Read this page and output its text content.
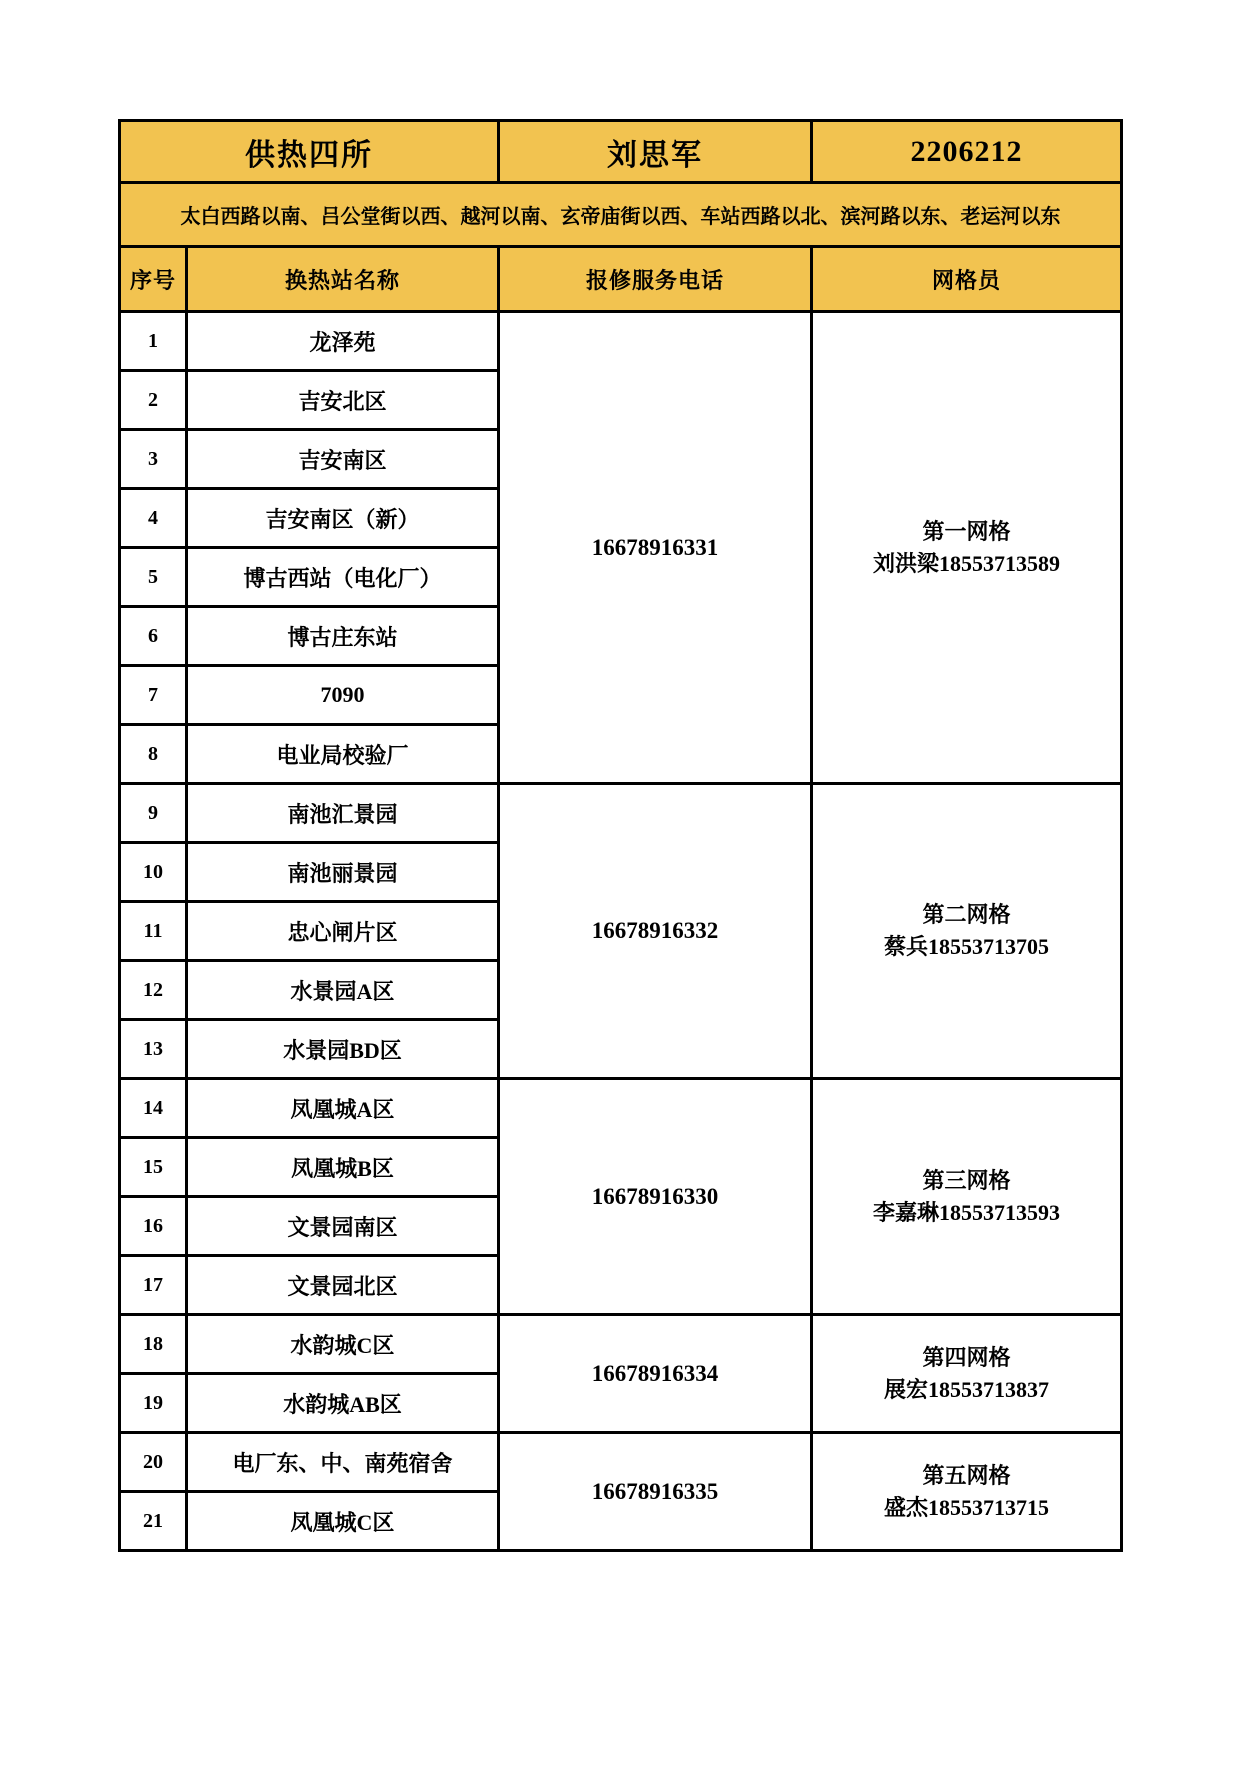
供热四所		刘思军	2206212
太白西路以南、吕公堂街以西、越河以南、玄帝庙街以西、车站西路以北、滨河路以东、老运河以东			
序号	换热站名称	报修服务电话	网格员
1	龙泽苑	16678916331	第一网格
刘洪梁18553713589

2	吉安北区		
3	吉安南区		
4	吉安南区（新）		
5	博古西站（电化厂）		
6	博古庄东站		
7	7090		
8	电业局校验厂		
9	南池汇景园	16678916332	第二网格
蔡兵18553713705

10	南池丽景园		
11	忠心闸片区		
12	水景园A区		
13	水景园BD区		
14	凤凰城A区	16678916330	第三网格
李嘉琳18553713593

15	凤凰城B区		
16	文景园南区		
17	文景园北区		
18	水韵城C区	16678916334	第四网格
展宏18553713837

19	水韵城AB区		
20	电厂东、中、南苑宿舍	16678916335	第五网格
盛杰18553713715

21	凤凰城C区		
